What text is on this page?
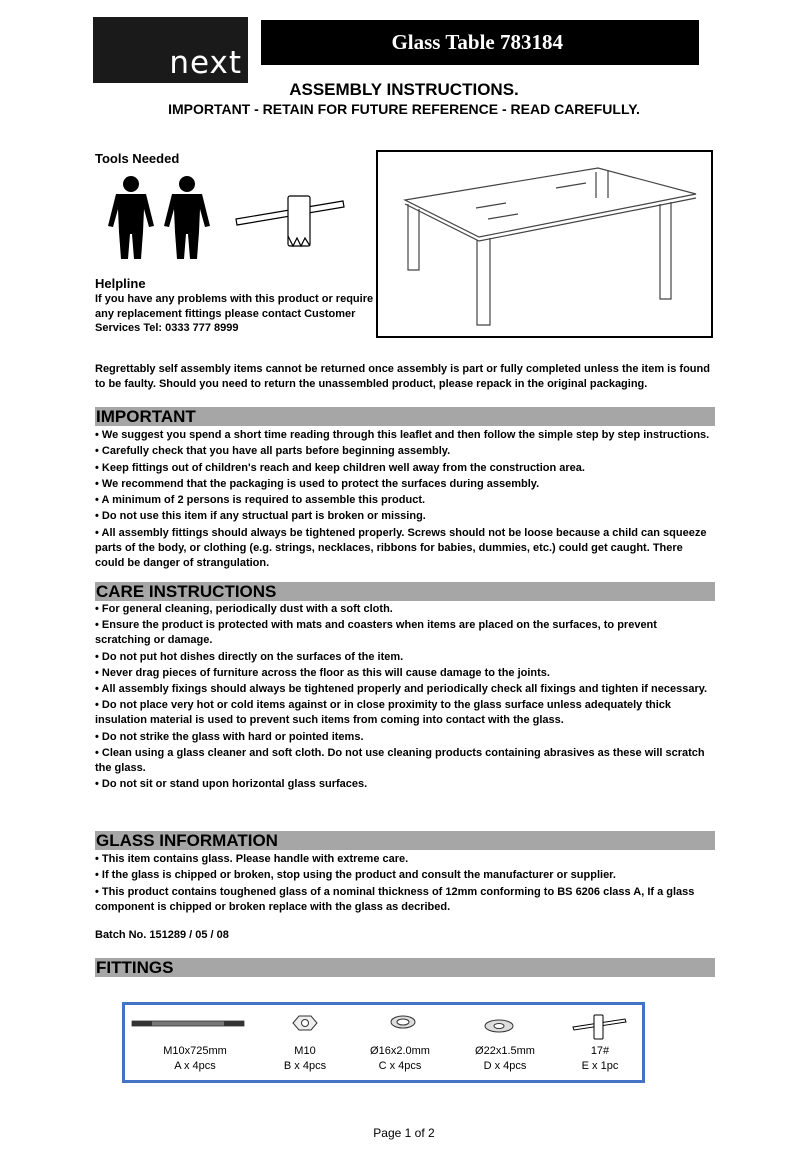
next
Glass Table 783184
ASSEMBLY INSTRUCTIONS.
IMPORTANT - RETAIN FOR FUTURE REFERENCE - READ CAREFULLY.
Tools Needed
Helpline
If you have any problems with this product or require any replacement fittings please contact Customer Services Tel: 0333 777 8999
Regrettably self assembly items cannot be returned once assembly is part or fully completed unless the item is found to be faulty. Should you need to return the unassembled product, please repack in the original packaging.
IMPORTANT
• We suggest you spend a short time reading through this leaflet and then follow the simple step by step instructions.
• Carefully check that you have all parts before beginning assembly.
• Keep fittings out of children's reach and keep children well away from the construction area.
• We recommend that the packaging is used to protect the surfaces during assembly.
• A minimum of 2 persons is required to assemble this product.
• Do not use this item if any structual part is broken or missing.
• All assembly fittings should always be tightened properly. Screws should not be loose because a child can squeeze parts of the body, or clothing (e.g. strings, necklaces, ribbons for babies, dummies, etc.) could get caught. There could be danger of strangulation.
CARE INSTRUCTIONS
• For general cleaning, periodically dust with a soft cloth.
• Ensure the product is protected with mats and coasters when items are placed on the surfaces, to prevent scratching or damage.
• Do not put hot dishes directly on the surfaces of the item.
• Never drag pieces of furniture across the floor as this will cause damage to the joints.
• All assembly fixings should always be tightened properly and periodically check all fixings and tighten if necessary.
• Do not place very hot or cold items against or in close proximity to the glass surface unless adequately thick insulation material is used to prevent such items from coming into contact with the glass.
• Do not strike the glass with hard or pointed items.
• Clean using a glass cleaner and soft cloth. Do not use cleaning products containing abrasives as these will scratch the glass.
• Do not sit or stand upon horizontal glass surfaces.
GLASS INFORMATION
• This item contains glass. Please handle with extreme care.
• If the glass is chipped or broken, stop using the product and consult the manufacturer or supplier.
• This product contains toughened glass of a nominal thickness of 12mm conforming to BS 6206 class A, If a glass component is chipped or broken replace with the glass as decribed.
Batch No. 151289 / 05 / 08
FITTINGS
M10x725mm
A x 4pcs
M10
B x 4pcs
Ø16x2.0mm
C x 4pcs
Ø22x1.5mm
D x 4pcs
17#
E x 1pc
Page 1 of 2
